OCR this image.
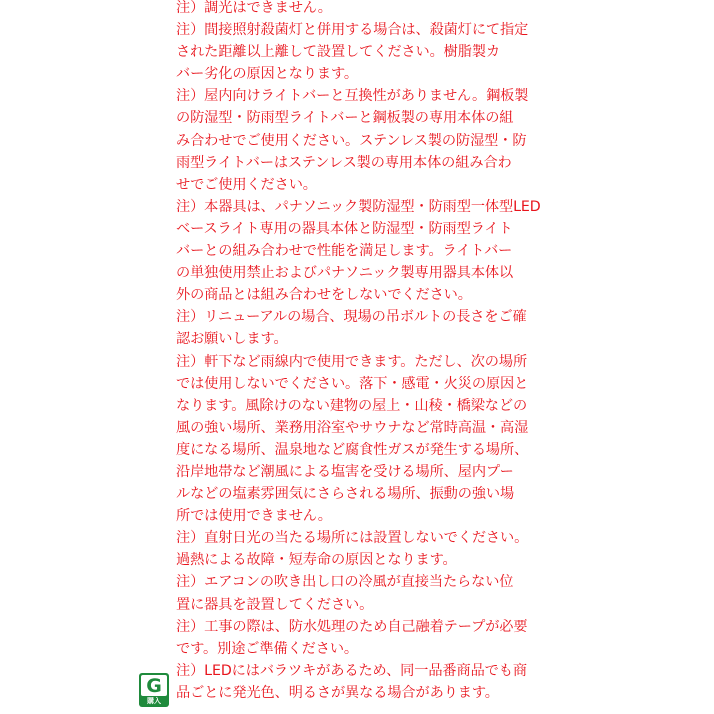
注）調光はできません。
注）間接照射殺菌灯と併用する場合は、殺菌灯にて指定
された距離以上離して設置してください。樹脂製カ
バー劣化の原因となります。
注）屋内向けライトバーと互換性がありません。鋼板製
の防湿型・防雨型ライトバーと鋼板製の専用本体の組
み合わせでご使用ください。ステンレス製の防湿型・防
雨型ライトバーはステンレス製の専用本体の組み合わ
せでご使用ください。
注）本器具は、パナソニック製防湿型・防雨型一体型LED
ベースライト専用の器具本体と防湿型・防雨型ライト
バーとの組み合わせで性能を満足します。ライトバー
の単独使用禁止およびパナソニック製専用器具本体以
外の商品とは組み合わせをしないでください。
注）リニューアルの場合、現場の吊ボルトの長さをご確
認お願いします。
注）軒下など雨線内で使用できます。ただし、次の場所
では使用しないでください。落下・感電・火災の原因と
なります。風除けのない建物の屋上・山稜・橋梁などの
風の強い場所、業務用浴室やサウナなど常時高温・高湿
度になる場所、温泉地など腐食性ガスが発生する場所、
沿岸地帯など潮風による塩害を受ける場所、屋内プー
ルなどの塩素雰囲気にさらされる場所、振動の強い場
所では使用できません。
注）直射日光の当たる場所には設置しないでください。
過熱による故障・短寿命の原因となります。
注）エアコンの吹き出し口の冷風が直接当たらない位
置に器具を設置してください。
注）工事の際は、防水処理のため自己融着テープが必要
です。別途ご準備ください。
注）LEDにはバラツキがあるため、同一品番商品でも商
品ごとに発光色、明るさが異なる場合があります。
G
購入
